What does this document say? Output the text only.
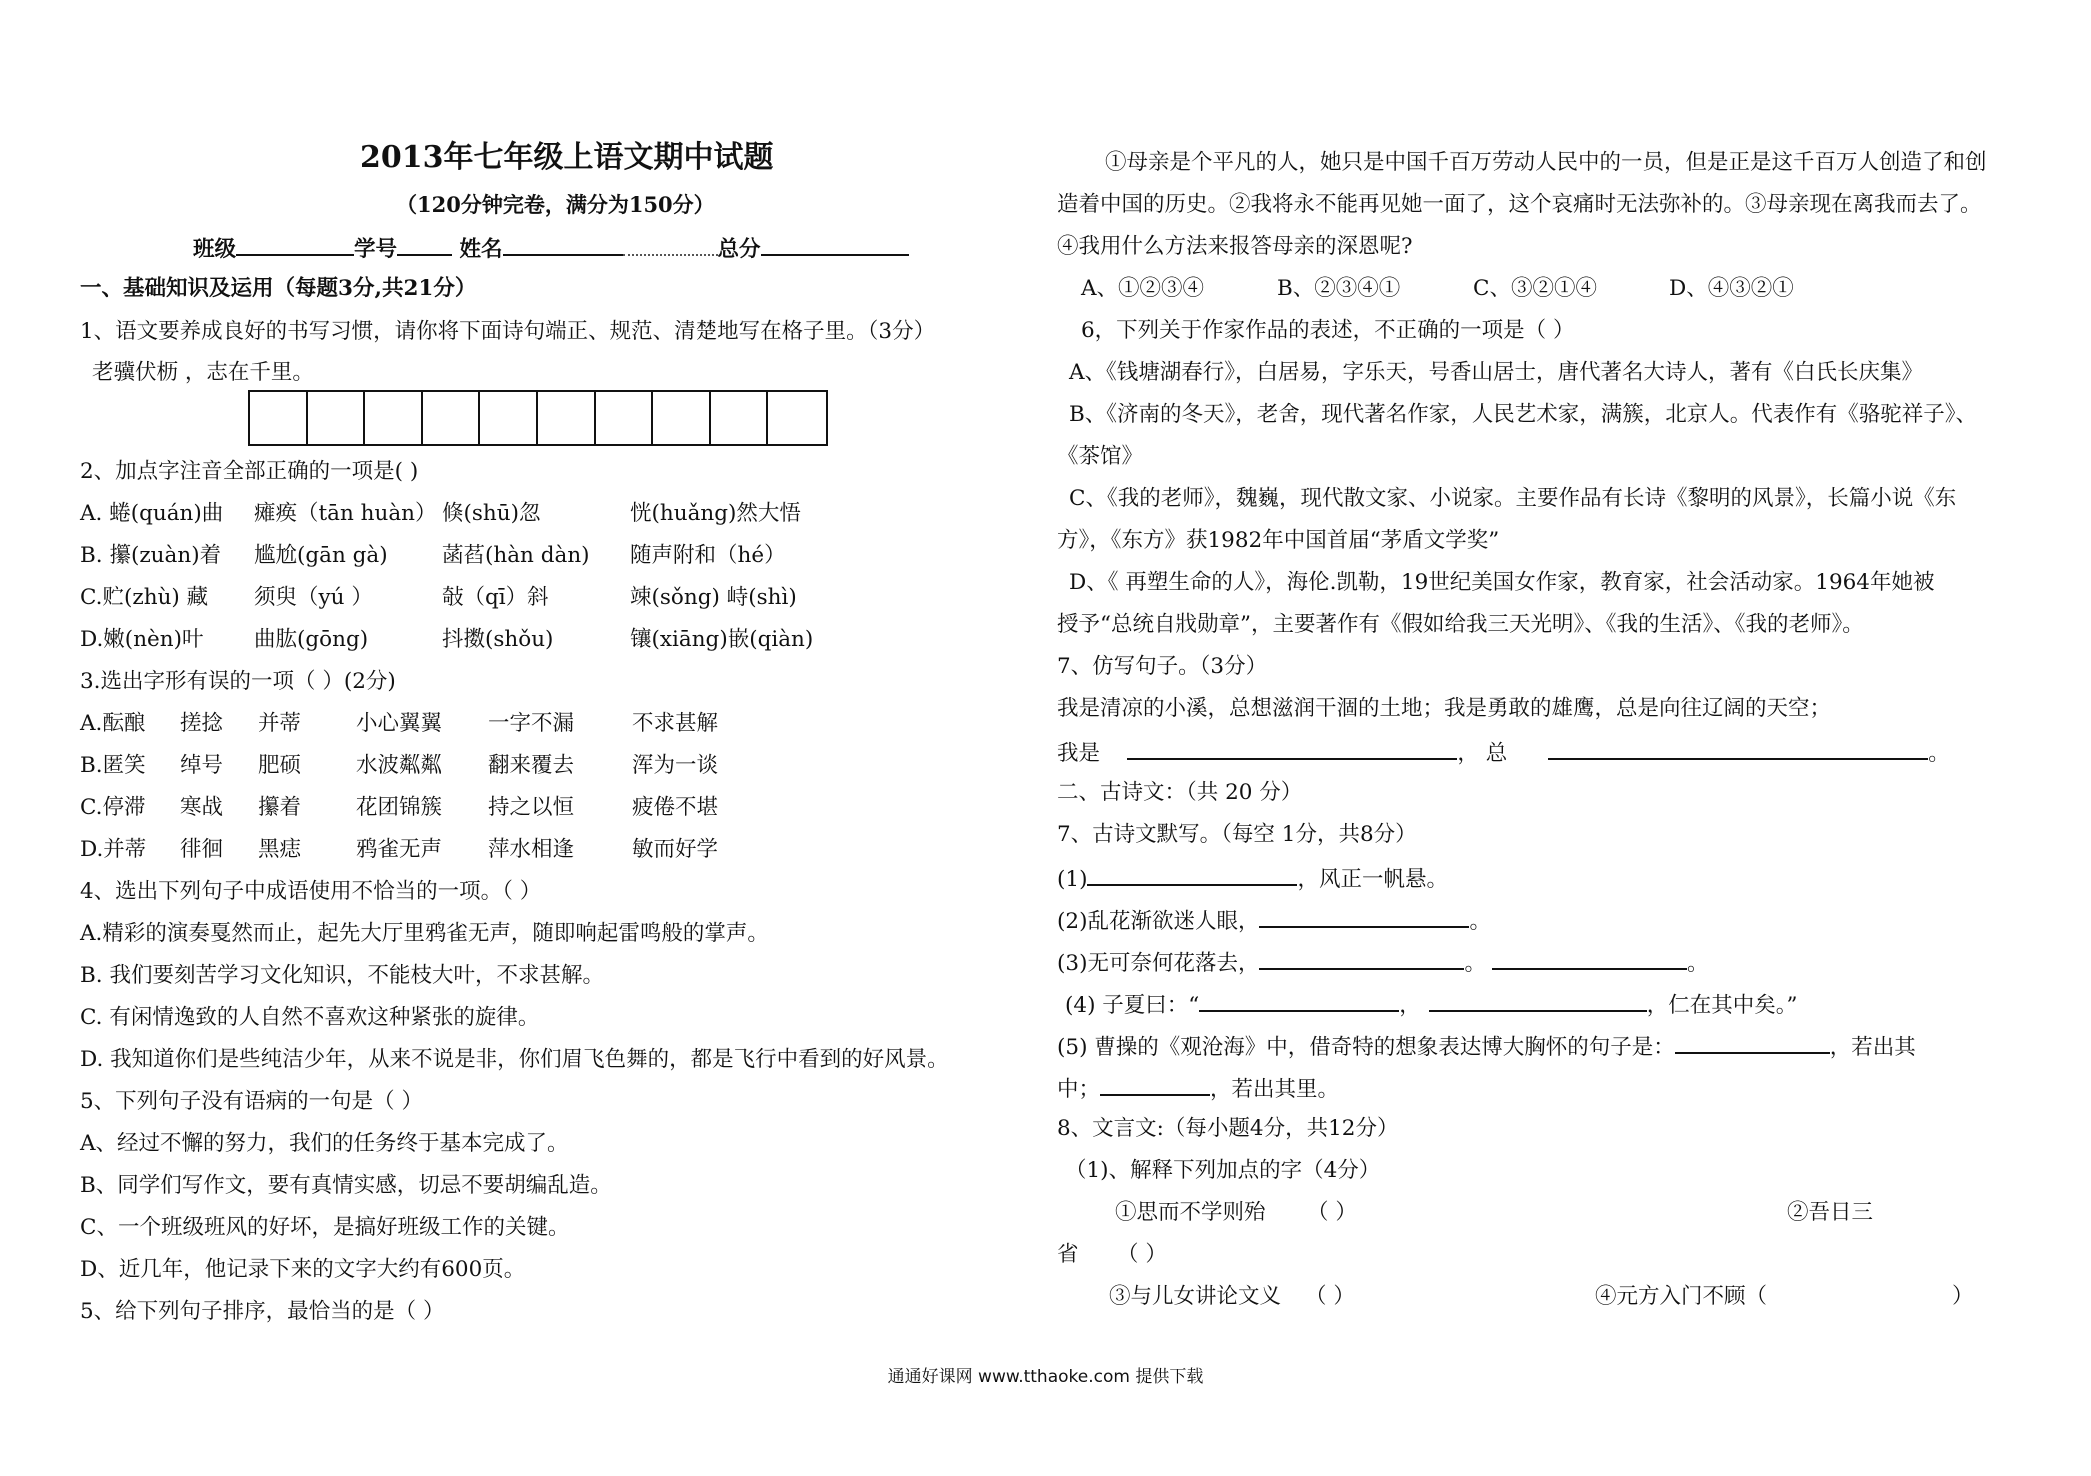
2013年七年级上语文期中试题
（120分钟完卷，满分为150分）
班级	学号	姓名	总分
一、基础知识及运用（每题3分,共21分）
1、语文要养成良好的书写习惯，请你将下面诗句端正、规范、清楚地写在格子里。（3分）
老骥伏枥 ，志在千里。
2、加点字注音全部正确的一项是( )
A. 蜷(quán)曲 瘫痪（tān huàn） 倏(shū)忽	恍(huǎng)然大悟
B. 攥(zuàn)着 尴尬(gān gà)	菡萏(hàn dàn) 随声附和（hé）
C.贮(zhù) 藏 须臾（yú ）	敧（qī）斜	竦(sǒng) 峙(shì)
D.嫩(nèn)叶 曲肱(gōng)	抖擞(shǒu)	镶(xiāng)嵌(qiàn)
3.选出字形有误的一项（ ）(2分)
A.酝酿 搓捻 并蒂	小心翼翼 一字不漏	不求甚解
B.匿笑 绰号 肥硕	水波粼粼 翻来覆去	浑为一谈
C.停滞 寒战 攥着	花团锦簇 持之以恒	疲倦不堪
D.并蒂 徘徊 黑痣	鸦雀无声 萍水相逢	敏而好学
4、选出下列句子中成语使用不恰当的一项。（ ）
A.精彩的演奏戛然而止，起先大厅里鸦雀无声，随即响起雷鸣般的掌声。
B. 我们要刻苦学习文化知识，不能枝大叶，不求甚解。
C. 有闲情逸致的人自然不喜欢这种紧张的旋律。
D. 我知道你们是些纯洁少年，从来不说是非，你们眉飞色舞的，都是飞行中看到的好风景。
5、下列句子没有语病的一句是（ ）
A、经过不懈的努力，我们的任务终于基本完成了。
B、同学们写作文，要有真情实感，切忌不要胡编乱造。
C、一个班级班风的好坏，是搞好班级工作的关键。
D、近几年，他记录下来的文字大约有600页。
5、给下列句子排序，最恰当的是（ ）
①母亲是个平凡的人，她只是中国千百万劳动人民中的一员，但是正是这千百万人创造了和创
造着中国的历史。②我将永不能再见她一面了，这个哀痛时无法弥补的。③母亲现在离我而去了。
④我用什么方法来报答母亲的深恩呢?
A、①②③④	B、②③④①	C、③②①④	D、④③②①
6，下列关于作家作品的表述，不正确的一项是（ ）
A、《钱塘湖春行》，白居易，字乐天，号香山居士，唐代著名大诗人，著有《白氏长庆集》
B、《济南的冬天》，老舍，现代著名作家，人民艺术家，满簇，北京人。代表作有《骆驼祥子》、
《茶馆》
C、《我的老师》，魏巍，现代散文家、小说家。主要作品有长诗《黎明的风景》，长篇小说《东
方》，《东方》获1982年中国首届“茅盾文学奖”
D、《 再塑生命的人》，海伦.凯勒，19世纪美国女作家，教育家，社会活动家。1964年她被
授予“总统自戕勋章”，主要著作有《假如给我三天光明》、《我的生活》、《我的老师》。
7、仿写句子。（3分）
我是清凉的小溪，总想滋润干涸的土地；我是勇敢的雄鹰，总是向往辽阔的天空；
我是	， 总	。
二、古诗文：（共 20 分）
7、古诗文默写。（每空 1分，共8分）
(1)	，风正一帆悬。
(2)乱花渐欲迷人眼，	。
(3)无可奈何花落去，	。	。
(4) 子夏曰：“	，	，仁在其中矣。”
(5) 曹操的《观沧海》中，借奇特的想象表达博大胸怀的句子是：	，若出其
中；	，若出其里。
8、文言文:（每小题4分，共12分）
（1)、解释下列加点的字（4分）
①思而不学则殆 （ ）	②吾日三
省 （ ）
③与儿女讲论文义 （ ）	④元方入门不顾（	）
通通好课网 www.tthaoke.com 提供下载
